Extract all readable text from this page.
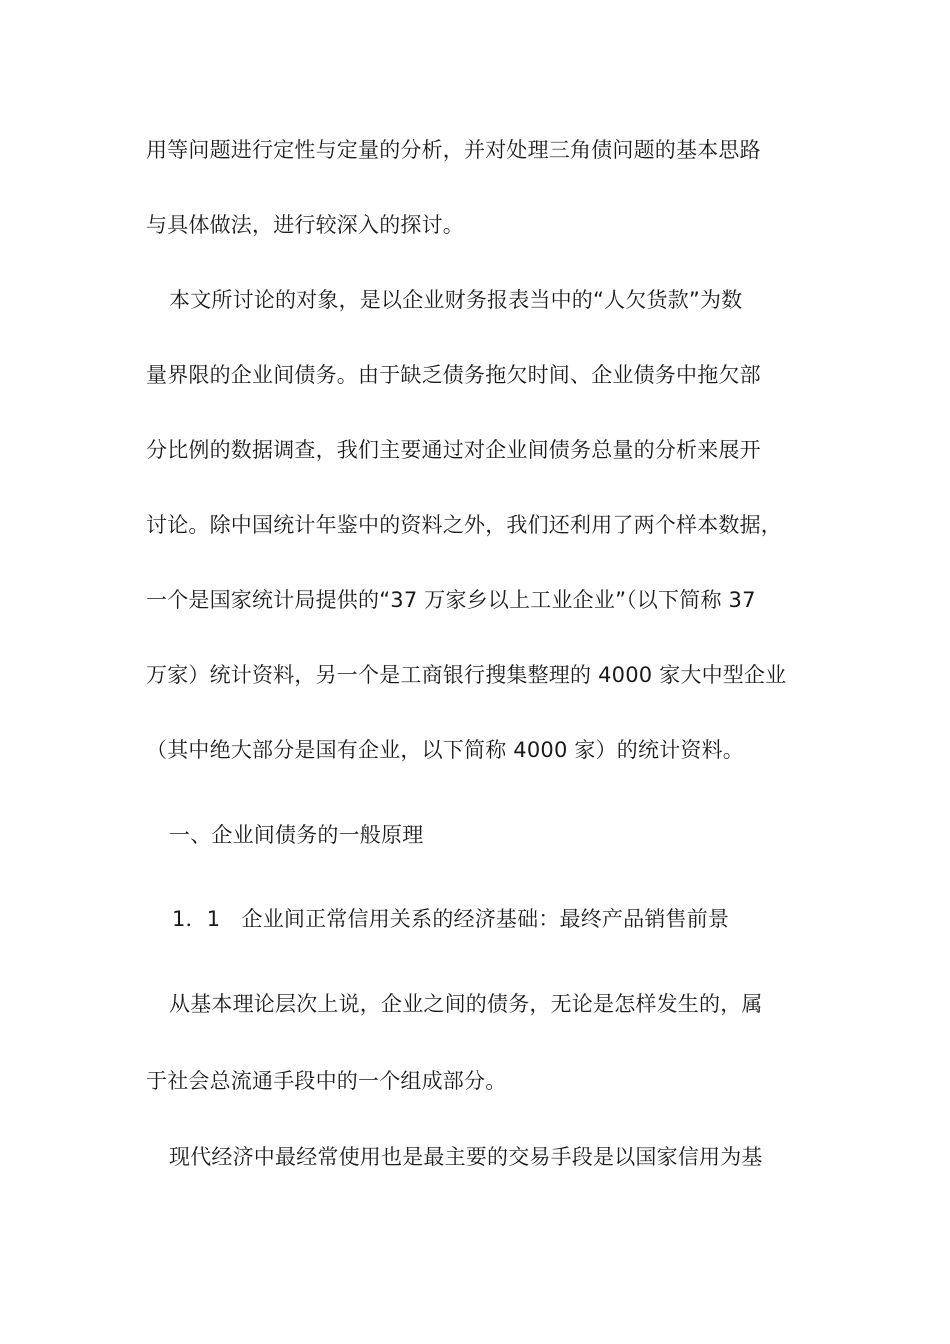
用等问题进行定性与定量的分析，并对处理三角债问题的基本思路
与具体做法，进行较深入的探讨。
本文所讨论的对象，是以企业财务报表当中的“人欠货款”为数
量界限的企业间债务。由于缺乏债务拖欠时间、企业债务中拖欠部
分比例的数据调查，我们主要通过对企业间债务总量的分析来展开
讨论。除中国统计年鉴中的资料之外，我们还利用了两个样本数据，
一个是国家统计局提供的“37 万家乡以上工业企业”（以下简称 37
万家）统计资料，另一个是工商银行搜集整理的 4000 家大中型企业
（其中绝大部分是国有企业，以下简称 4000 家）的统计资料。
一、企业间债务的一般原理
1．1　企业间正常信用关系的经济基础：最终产品销售前景
从基本理论层次上说，企业之间的债务，无论是怎样发生的，属
于社会总流通手段中的一个组成部分。
现代经济中最经常使用也是最主要的交易手段是以国家信用为基
